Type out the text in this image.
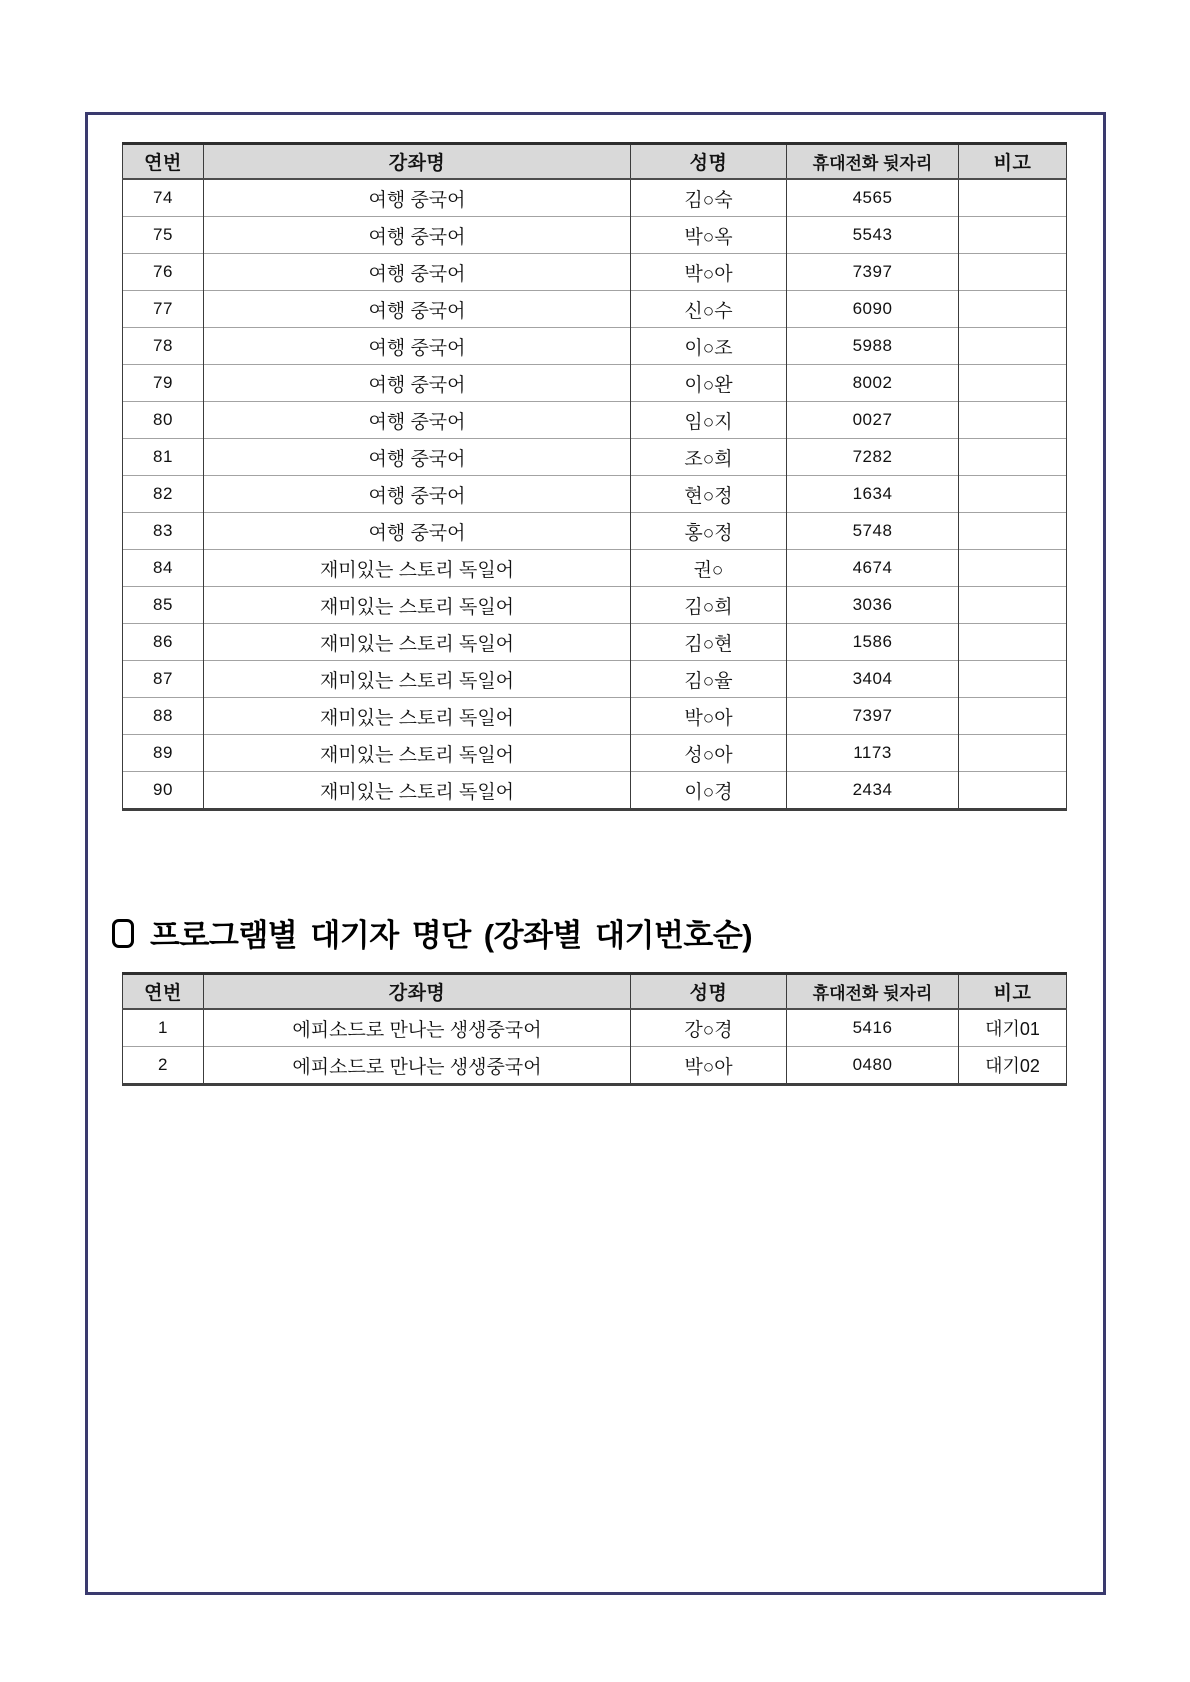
연번	강좌명	성명	휴대전화 뒷자리	비고
74	여행 중국어	김○숙	4565	
75	여행 중국어	박○옥	5543	
76	여행 중국어	박○아	7397	
77	여행 중국어	신○수	6090	
78	여행 중국어	이○조	5988	
79	여행 중국어	이○완	8002	
80	여행 중국어	임○지	0027	
81	여행 중국어	조○희	7282	
82	여행 중국어	현○정	1634	
83	여행 중국어	홍○정	5748	
84	재미있는 스토리 독일어	권○	4674	
85	재미있는 스토리 독일어	김○희	3036	
86	재미있는 스토리 독일어	김○현	1586	
87	재미있는 스토리 독일어	김○율	3404	
88	재미있는 스토리 독일어	박○아	7397	
89	재미있는 스토리 독일어	성○아	1173	
90	재미있는 스토리 독일어	이○경	2434	
프로그램별 대기자 명단 (강좌별 대기번호순)
연번	강좌명	성명	휴대전화 뒷자리	비고
1	에피소드로 만나는 생생중국어	강○경	5416	대기01
2	에피소드로 만나는 생생중국어	박○아	0480	대기02
